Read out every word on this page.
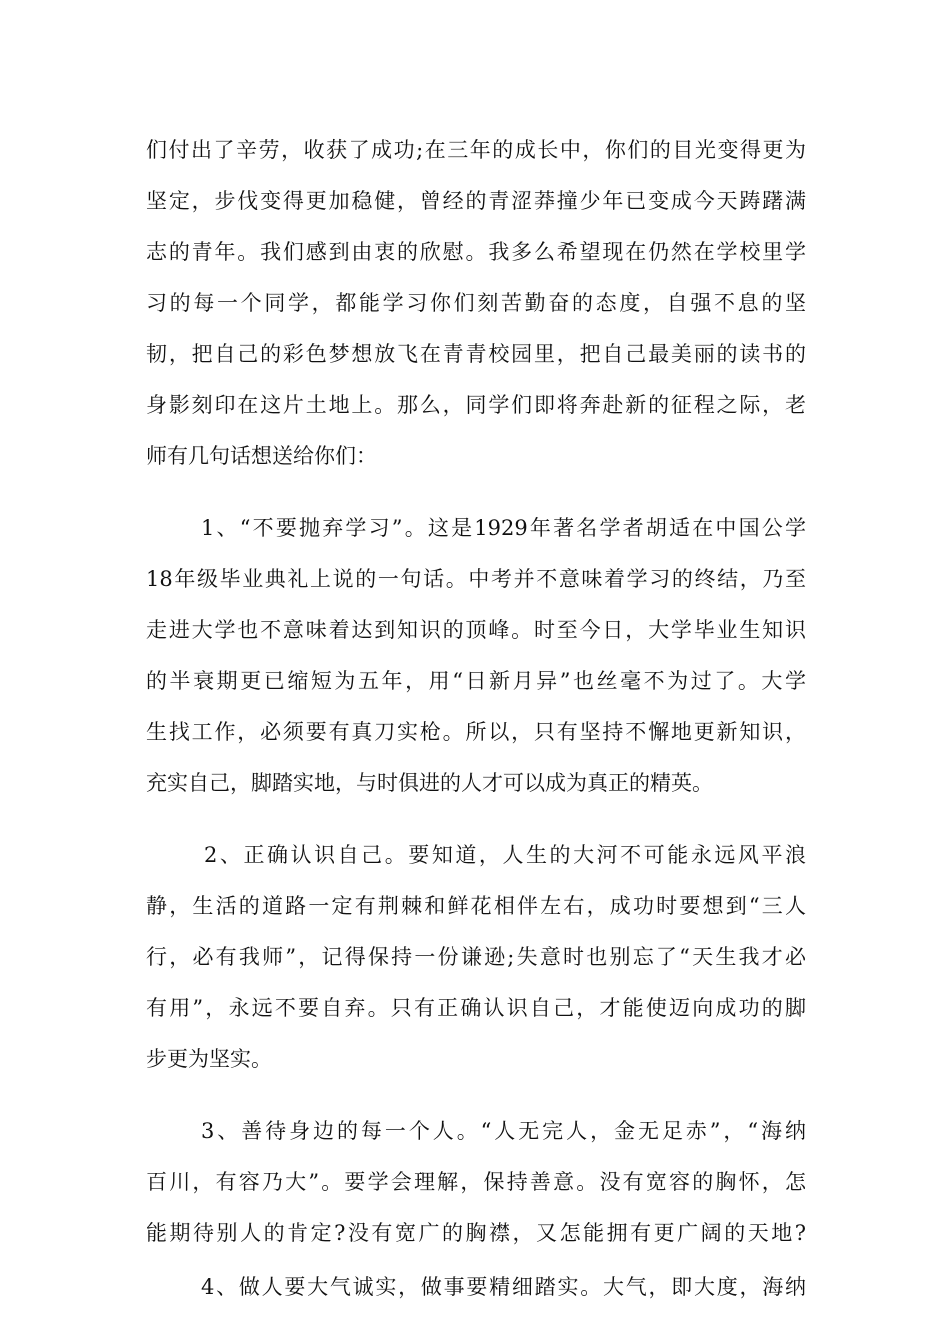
们付出了辛劳，收获了成功;在三年的成长中，你们的目光变得更为
坚定，步伐变得更加稳健，曾经的青涩莽撞少年已变成今天踌躇满
志的青年。我们感到由衷的欣慰。我多么希望现在仍然在学校里学
习的每一个同学，都能学习你们刻苦勤奋的态度，自强不息的坚
韧，把自己的彩色梦想放飞在青青校园里，把自己最美丽的读书的
身影刻印在这片土地上。那么，同学们即将奔赴新的征程之际，老
师有几句话想送给你们：
1、“不要抛弃学习”。这是1929年著名学者胡适在中国公学
18年级毕业典礼上说的一句话。中考并不意味着学习的终结，乃至
走进大学也不意味着达到知识的顶峰。时至今日，大学毕业生知识
的半衰期更已缩短为五年，用“日新月异”也丝毫不为过了。大学
生找工作，必须要有真刀实枪。所以，只有坚持不懈地更新知识，
充实自己，脚踏实地，与时俱进的人才可以成为真正的精英。
2、正确认识自己。要知道，人生的大河不可能永远风平浪
静，生活的道路一定有荆棘和鲜花相伴左右，成功时要想到“三人
行，必有我师”，记得保持一份谦逊;失意时也别忘了“天生我才必
有用”，永远不要自弃。只有正确认识自己，才能使迈向成功的脚
步更为坚实。
3、善待身边的每一个人。“人无完人，金无足赤”，“海纳
百川，有容乃大”。要学会理解，保持善意。没有宽容的胸怀，怎
能期待别人的肯定?没有宽广的胸襟，又怎能拥有更广阔的天地?
4、做人要大气诚实，做事要精细踏实。大气，即大度，海纳
